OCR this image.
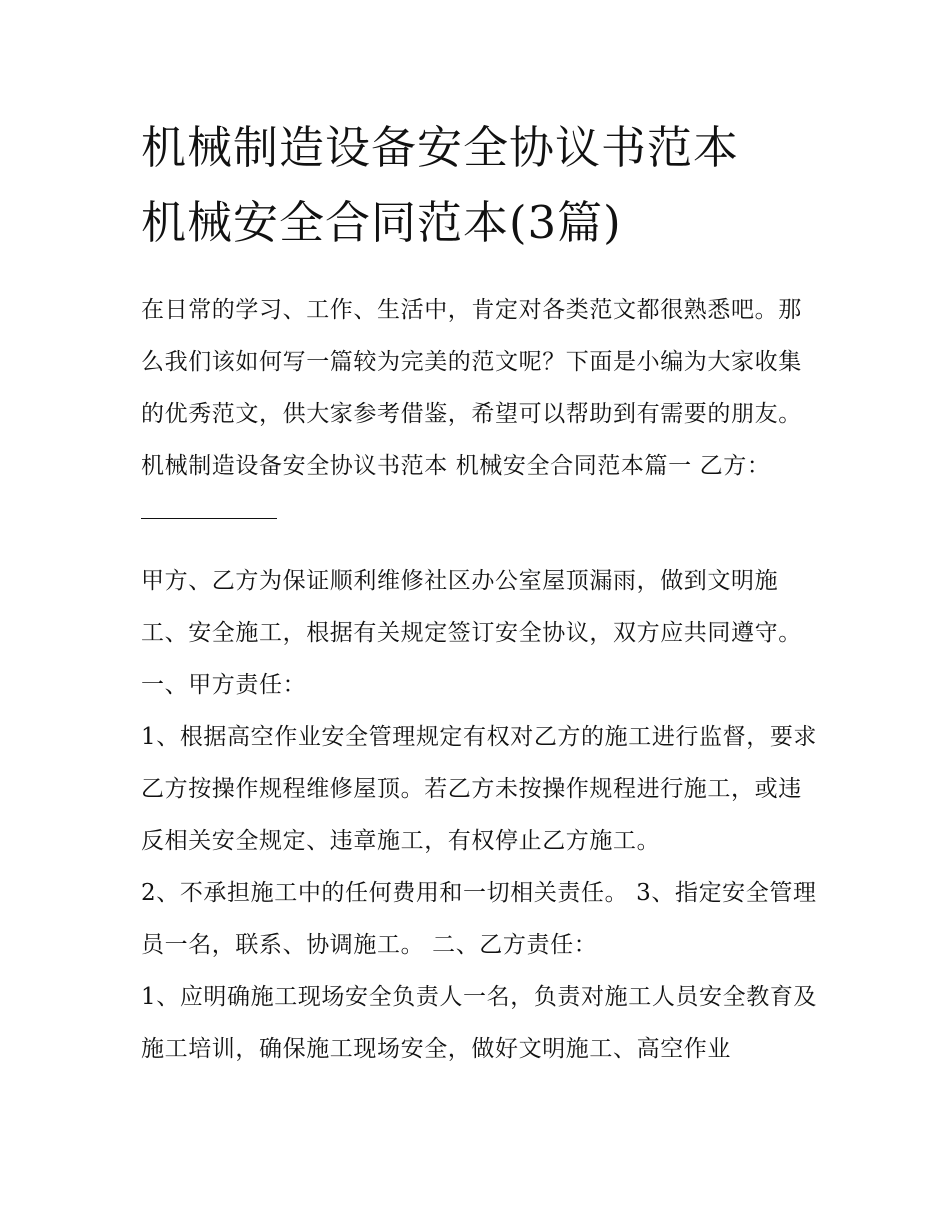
机械制造设备安全协议书范本
机械安全合同范本(3篇)

在日常的学习、工作、生活中，肯定对各类范文都很熟悉吧。那么我们该如何写一篇较为完美的范文呢？下面是小编为大家收集的优秀范文，供大家参考借鉴，希望可以帮助到有需要的朋友。

机械制造设备安全协议书范本 机械安全合同范本篇一 乙方：

甲方、乙方为保证顺利维修社区办公室屋顶漏雨，做到文明施工、安全施工，根据有关规定签订安全协议，双方应共同遵守。 一、甲方责任：

1、根据高空作业安全管理规定有权对乙方的施工进行监督，要求乙方按操作规程维修屋顶。若乙方未按操作规程进行施工，或违反相关安全规定、违章施工，有权停止乙方施工。

2、不承担施工中的任何费用和一切相关责任。 3、指定安全管理员一名，联系、协调施工。 二、乙方责任：

1、应明确施工现场安全负责人一名，负责对施工人员安全教育及施工培训，确保施工现场安全，做好文明施工、高空作业
